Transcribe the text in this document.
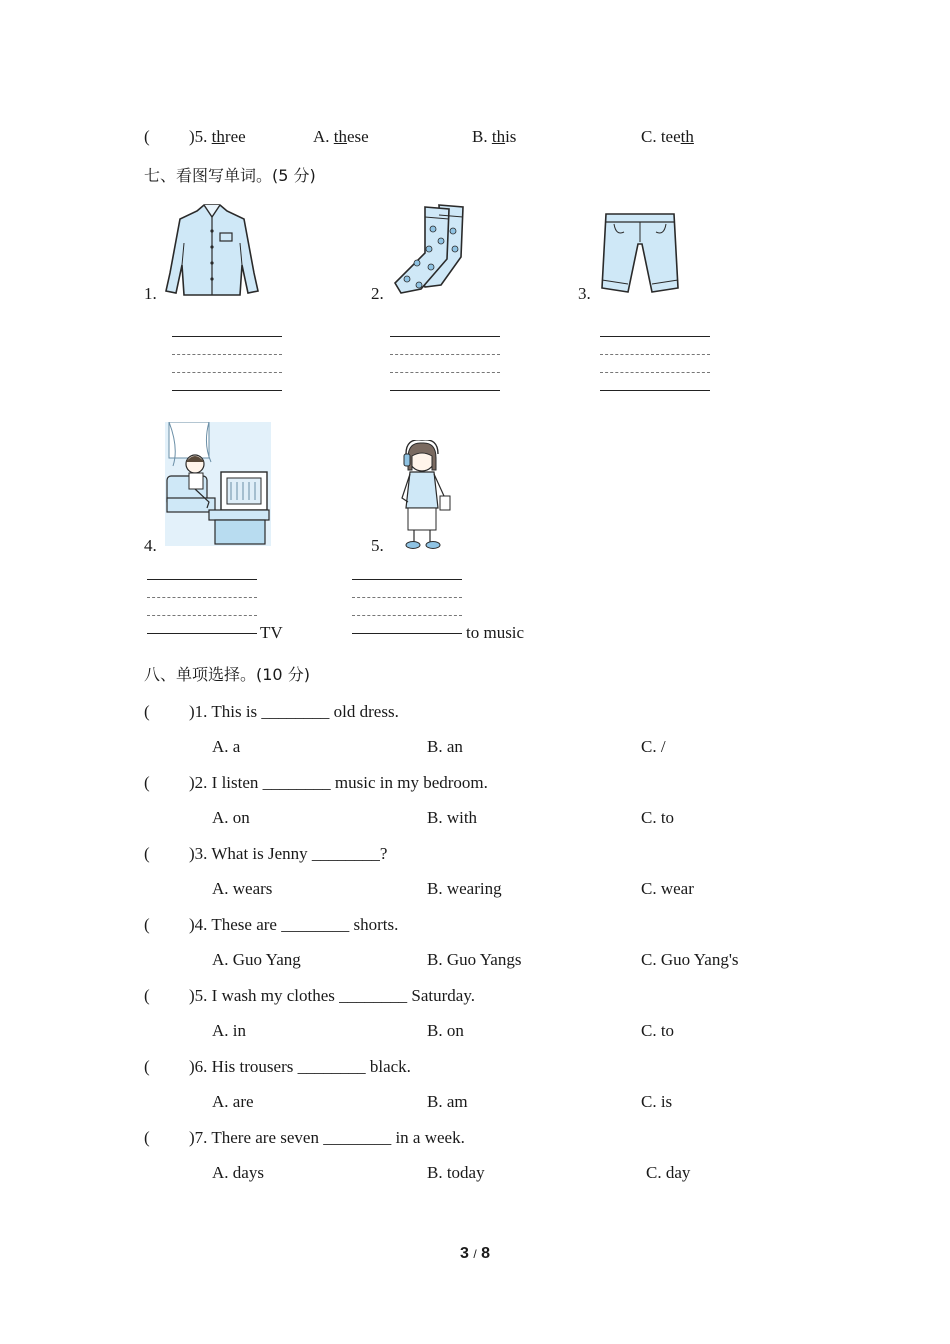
( )5. three	A. these	B. this	C. teeth
七、看图写单词。(5 分)
1.	2.	3.
4.	5.
TV	to music
八、单项选择。(10 分)
( )1. This is ________ old dress.
A. a	B. an	C. /
( )2. I listen ________ music in my bedroom.
A. on	B. with	C. to
( )3. What is Jenny ________?
A. wears	B. wearing	C. wear
( )4. These are ________ shorts.
A. Guo Yang	B. Guo Yangs	C. Guo Yang's
( )5. I wash my clothes ________ Saturday.
A. in	B. on	C. to
( )6. His trousers ________ black.
A. are	B. am	C. is
( )7. There are seven ________ in a week.
A. days	B. today	C. day
3 / 8
